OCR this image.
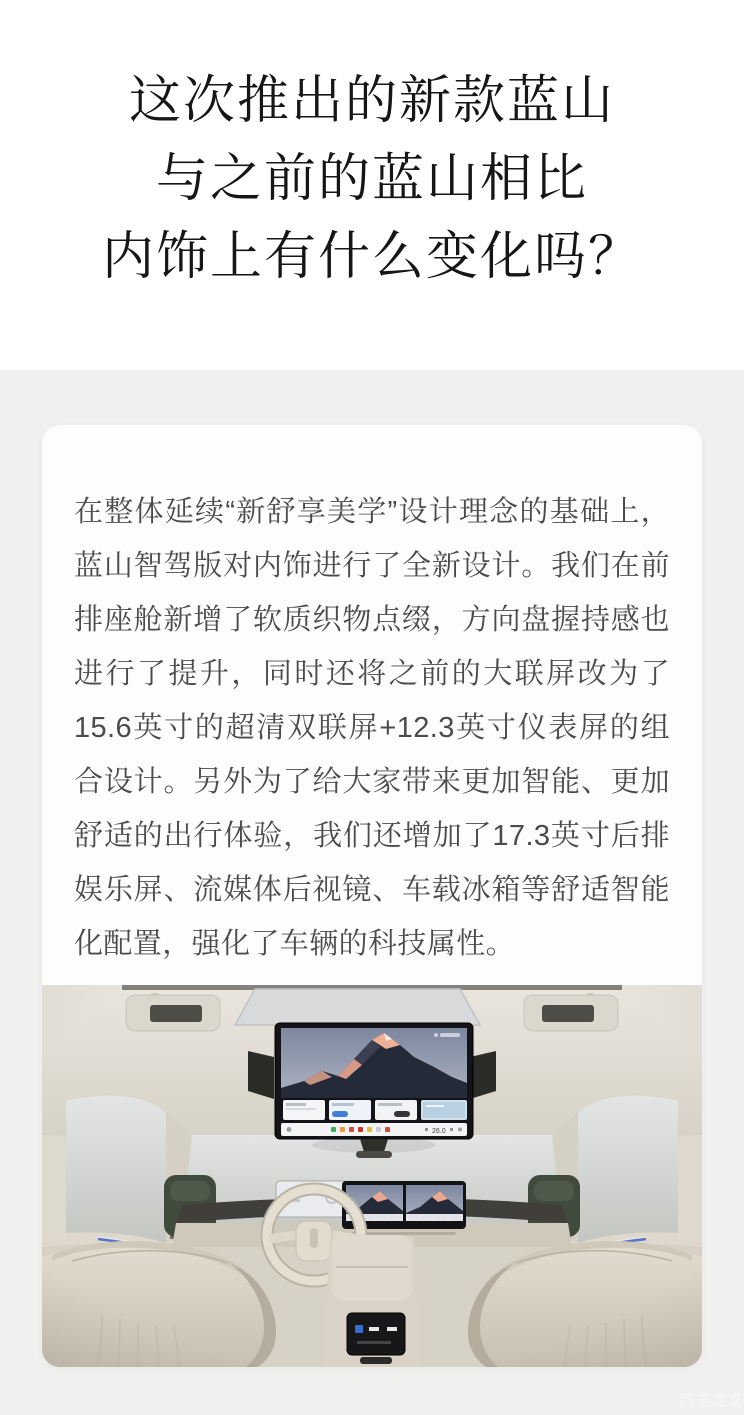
这次推出的新款蓝山
与之前的蓝山相比
内饰上有什么变化吗？

在整体延续“新舒享美学”设计理念的基础上，蓝山智驾版对内饰进行了全新设计。我们在前排座舱新增了软质织物点缀，方向盘握持感也进行了提升，同时还将之前的大联屏改为了15.6英寸的超清双联屏+12.3英寸仪表屏的组合设计。另外为了给大家带来更加智能、更加舒适的出行体验，我们还增加了17.3英寸后排娱乐屏、流媒体后视镜、车载冰箱等舒适智能化配置，强化了车辆的科技属性。

汽车之家
